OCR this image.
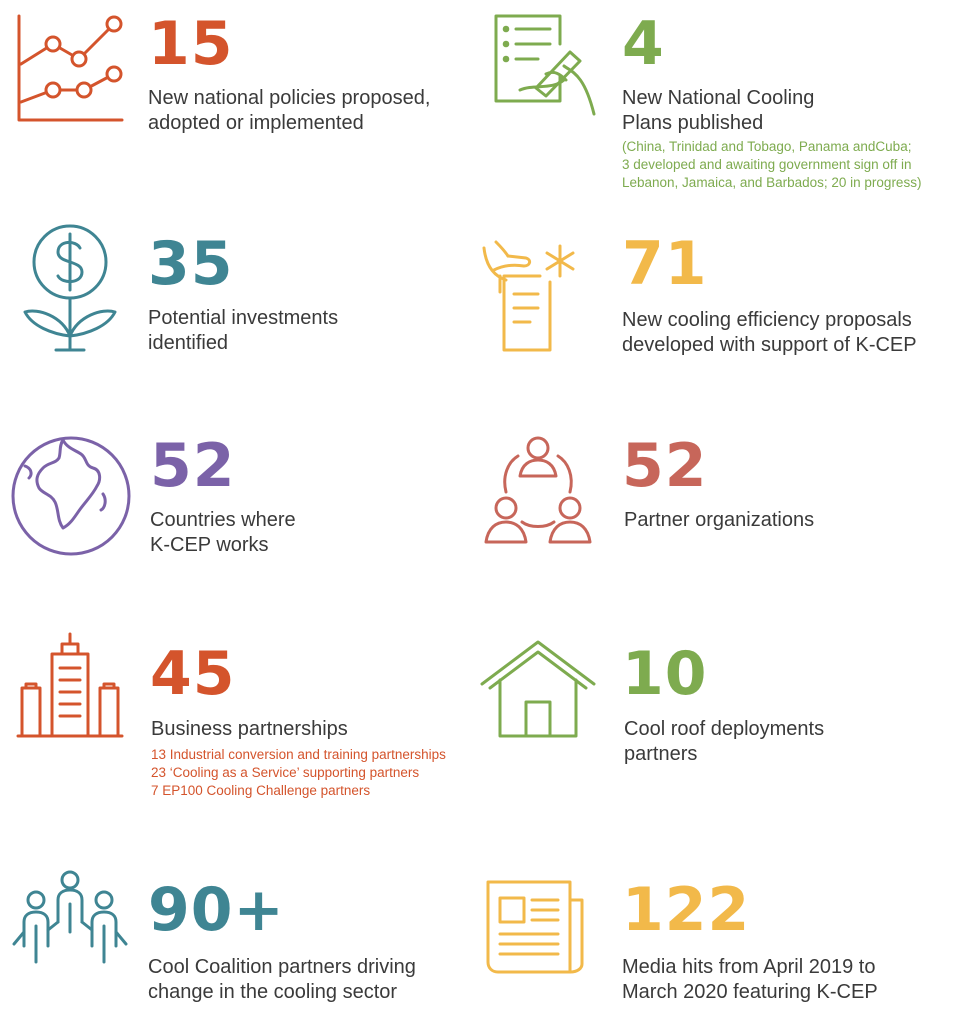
15
New national policies proposed,
adopted or implemented
4
New National Cooling
Plans published
(China, Trinidad and Tobago, Panama andCuba;
3 developed and awaiting government sign off in
Lebanon, Jamaica, and Barbados; 20 in progress)
35
Potential investments
identified
71
New cooling efficiency proposals
developed with support of K-CEP
52
Countries where
K-CEP works
52
Partner organizations
45
Business partnerships
13 Industrial conversion and training partnerships
23 ‘Cooling as a Service’ supporting partners
7 EP100 Cooling Challenge partners
10
Cool roof deployments
partners
90+
Cool Coalition partners driving
change in the cooling sector
122
Media hits from April 2019 to
March 2020 featuring K-CEP
